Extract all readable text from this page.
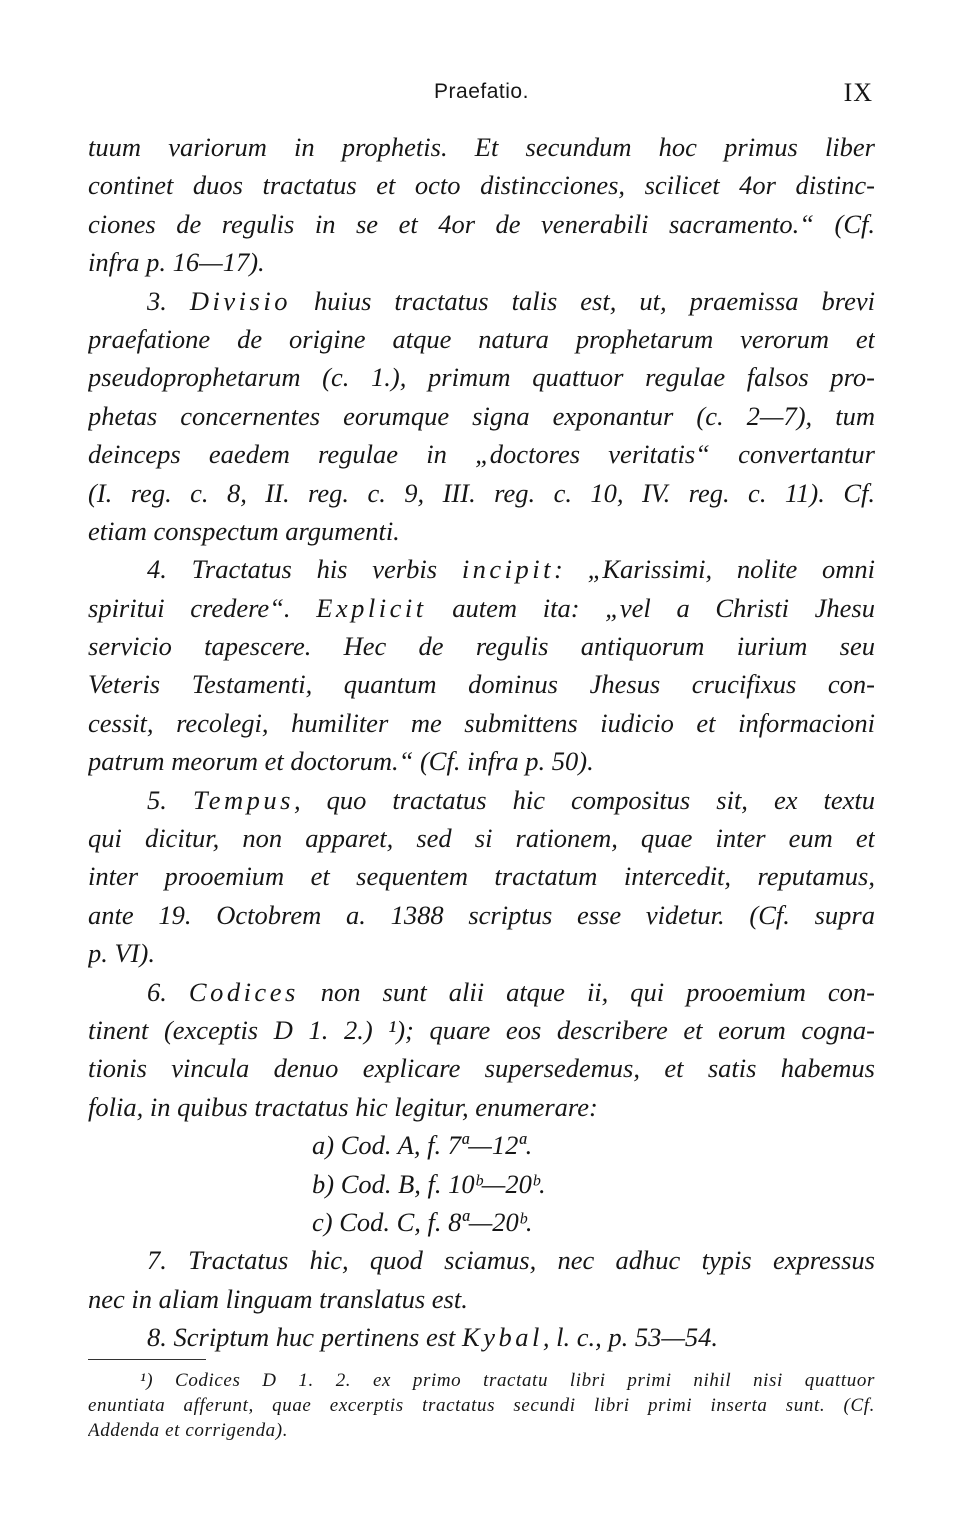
Praefatio.	IX
tuum variorum in prophetis. Et secundum hoc primus liber
continet duos tractatus et octo distincciones, scilicet 4or distinc-
ciones de regulis in se et 4or de venerabili sacramento.“ (Cf.
infra p. 16—17).
3. Divisio huius tractatus talis est, ut, praemissa brevi
praefatione de origine atque natura prophetarum verorum et
pseudoprophetarum (c. 1.), primum quattuor regulae falsos pro-
phetas concernentes eorumque signa exponantur (c. 2—7), tum
deinceps eaedem regulae in „doctores veritatis“ convertantur
(I. reg. c. 8, II. reg. c. 9, III. reg. c. 10, IV. reg. c. 11). Cf.
etiam conspectum argumenti.
4. Tractatus his verbis incipit: „Karissimi, nolite omni
spiritui credere“. Explicit autem ita: „vel a Christi Jhesu
servicio tapescere. Hec de regulis antiquorum iurium seu
Veteris Testamenti, quantum dominus Jhesus crucifixus con-
cessit, recolegi, humiliter me submittens iudicio et informacioni
patrum meorum et doctorum.“ (Cf. infra p. 50).
5. Tempus, quo tractatus hic compositus sit, ex textu
qui dicitur, non apparet, sed si rationem, quae inter eum et
inter prooemium et sequentem tractatum intercedit, reputamus,
ante 19. Octobrem a. 1388 scriptus esse videtur. (Cf. supra
p. VI).
6. Codices non sunt alii atque ii, qui prooemium con-
tinent (exceptis D 1. 2.) ¹); quare eos describere et eorum cogna-
tionis vincula denuo explicare supersedemus, et satis habemus
folia, in quibus tractatus hic legitur, enumerare:
a) Cod. A, f. 7ª—12ª.
b) Cod. B, f. 10ᵇ—20ᵇ.
c) Cod. C, f. 8ª—20ᵇ.
7. Tractatus hic, quod sciamus, nec adhuc typis expressus
nec in aliam linguam translatus est.
8. Scriptum huc pertinens est Kybal, l. c., p. 53—54.
¹) Codices D 1. 2. ex primo tractatu libri primi nihil nisi quattuor
enuntiata afferunt, quae excerptis tractatus secundi libri primi inserta sunt. (Cf.
Addenda et corrigenda).
